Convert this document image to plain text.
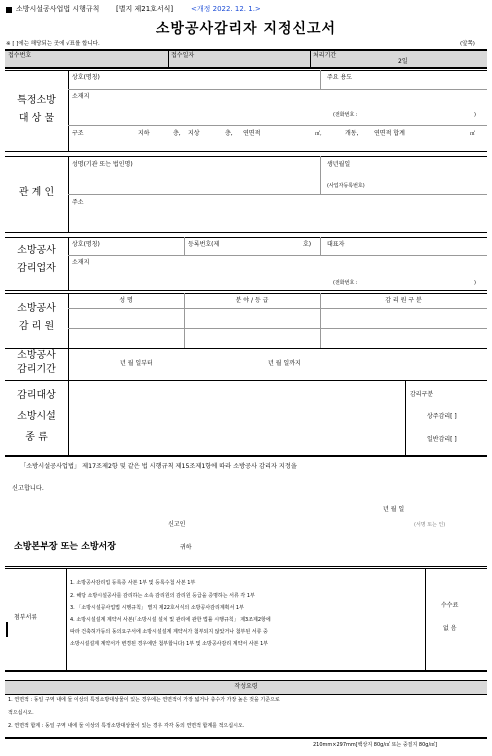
소방시설공사업법 시행규칙 [별지 제21호서식]	<개정 2022. 12. 1.>
소방공사감리자 지정신고서
※ [ ]에는 해당되는 곳에 √표를 합니다.	(앞쪽)
접수번호	접수일자	처리기간
2일
특정소방
대 상 물
상호(명칭)	주요 용도
소재지
(전화번호 :	)
구조	지하	층, 지상	층, 연면적	㎡,	개동,	연면적 합계	㎡
관 계 인
성명(기관 또는 법인명)	생년월일
(사업자등록번호)
주소
소방공사
감리업자
상호(명칭)	등록번호(제	호)	대표자
소재지
(전화번호 :	)
소방공사
감 리 원
성 명	분 야 / 등 급	감 리 원 구 분
소방공사
감리기간
년 월 일부터	년 월 일까지
감리대상
소방시설
종 류
감리구분
상주감리[ ]
일반감리[ ]
「소방시설공사업법」 제17조제2항 및 같은 법 시행규칙 제15조제1항에 따라 소방공사 감리자 지정을
신고합니다.
년 월 일
신고인	(서명 또는 인)
소방본부장 또는 소방서장	귀하
첨부서류
1. 소방공사감리업 등록증 사본 1부 및 등록수첩 사본 1부
2. 해당 소방시설공사를 감리하는 소속 감리원의 감리원 등급을 증명하는 서류 각 1부
3. 「소방시설공사업법 시행규칙」 별지 제22호서식의 소방공사감리계획서 1부
4. 소방시설설계 계약서 사본(「소방시설 설치 및 관리에 관한 법률 시행규칙」 제3조제2항에
따라 건축허가등의 동의요구서에 소방시설설계 계약서가 첨부되지 않았거나 첨부된 서류 중
소방시설설계 계약서가 변경된 경우에만 첨부합니다) 1부 및 소방공사감리 계약서 사본 1부
수수료
없 음
작성요령
1. 연면적 : 동일 구역 내에 둘 이상의 특정소방대상물이 있는 경우에는 연면적이 가장 넓거나 층수가 가장 높은 것을 기준으로
적으십시오.
2. 연면적 합계 : 동일 구역 내에 둘 이상의 특정소방대상물이 있는 경우 각각 동의 연면적 합계를 적으십시오.
210mm×297mm[백상지 80g/㎡ 또는 중질지 80g/㎡]
